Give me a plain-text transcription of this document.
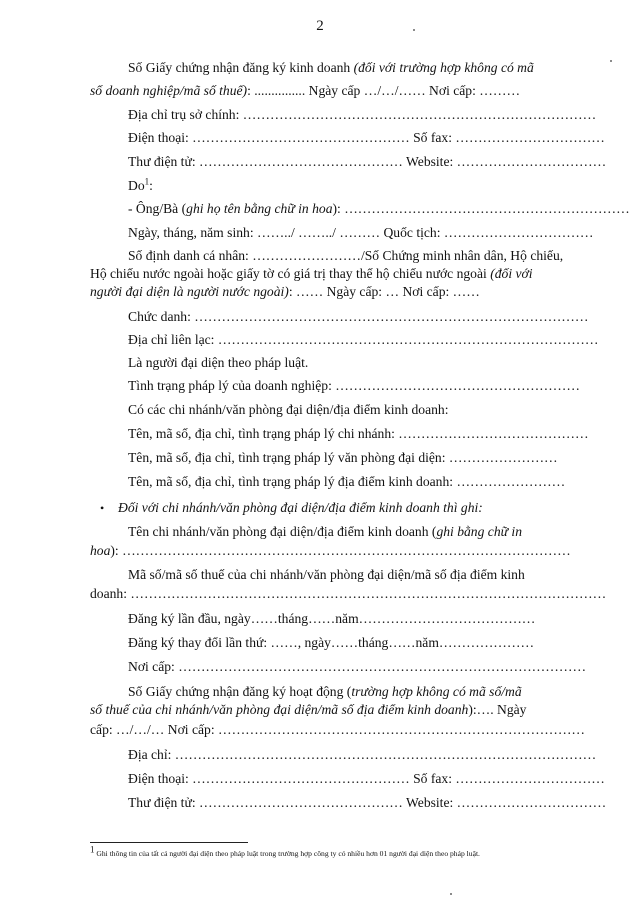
2
Số Giấy chứng nhận đăng ký kinh doanh (đối với trường hợp không có mã
số doanh nghiệp/mã số thuế): ............... Ngày cấp …/…/…… Nơi cấp: ………
Địa chỉ trụ sở chính: ……………………………………………………………………
Điện thoại: ………………………………………… Số fax: ……………………………
Thư điện tử: ……………………………………… Website: ……………………………
Do$^1$:
- Ông/Bà (ghi họ tên bằng chữ in hoa): ………………………………………………………
Ngày, tháng, năm sinh: ……../ ……../ ……… Quốc tịch: ……………………………
Số định danh cá nhân: ……………………/Số Chứng minh nhân dân, Hộ chiếu,
Hộ chiếu nước ngoài hoặc giấy tờ có giá trị thay thế hộ chiếu nước ngoài (đối với
người đại diện là người nước ngoài): …… Ngày cấp: … Nơi cấp: ……
Chức danh: ……………………………………………………………………………
Địa chỉ liên lạc: …………………………………………………………………………
Là người đại diện theo pháp luật.
Tình trạng pháp lý của doanh nghiệp: ………………………………………………
Có các chi nhánh/văn phòng đại diện/địa điểm kinh doanh:
Tên, mã số, địa chỉ, tình trạng pháp lý chi nhánh: ……………………………………
Tên, mã số, địa chỉ, tình trạng pháp lý văn phòng đại diện: ……………………
Tên, mã số, địa chỉ, tình trạng pháp lý địa điểm kinh doanh: ……………………
• Đối với chi nhánh/văn phòng đại diện/địa điểm kinh doanh thì ghi:
Tên chi nhánh/văn phòng đại diện/địa điểm kinh doanh (ghi bằng chữ in
hoa): ………………………………………………………………………………………
Mã số/mã số thuế của chi nhánh/văn phòng đại diện/mã số địa điểm kinh
doanh: ……………………………………………………………………………………………
Đăng ký lần đầu, ngày……tháng……năm…………………………………
Đăng ký thay đổi lần thứ: ……, ngày……tháng……năm…………………
Nơi cấp: ………………………………………………………………………………
Số Giấy chứng nhận đăng ký hoạt động (trường hợp không có mã số/mã
số thuế của chi nhánh/văn phòng đại diện/mã số địa điểm kinh doanh):…. Ngày
cấp: …/…/… Nơi cấp: ………………………………………………………………………
Địa chỉ: …………………………………………………………………………………
Điện thoại: ………………………………………… Số fax: ……………………………
Thư điện tử: ……………………………………… Website: ……………………………
$^1$ Ghi thông tin của tất cả người đại diện theo pháp luật trong trường hợp công ty có nhiều hơn 01 người đại diện theo pháp luật.
